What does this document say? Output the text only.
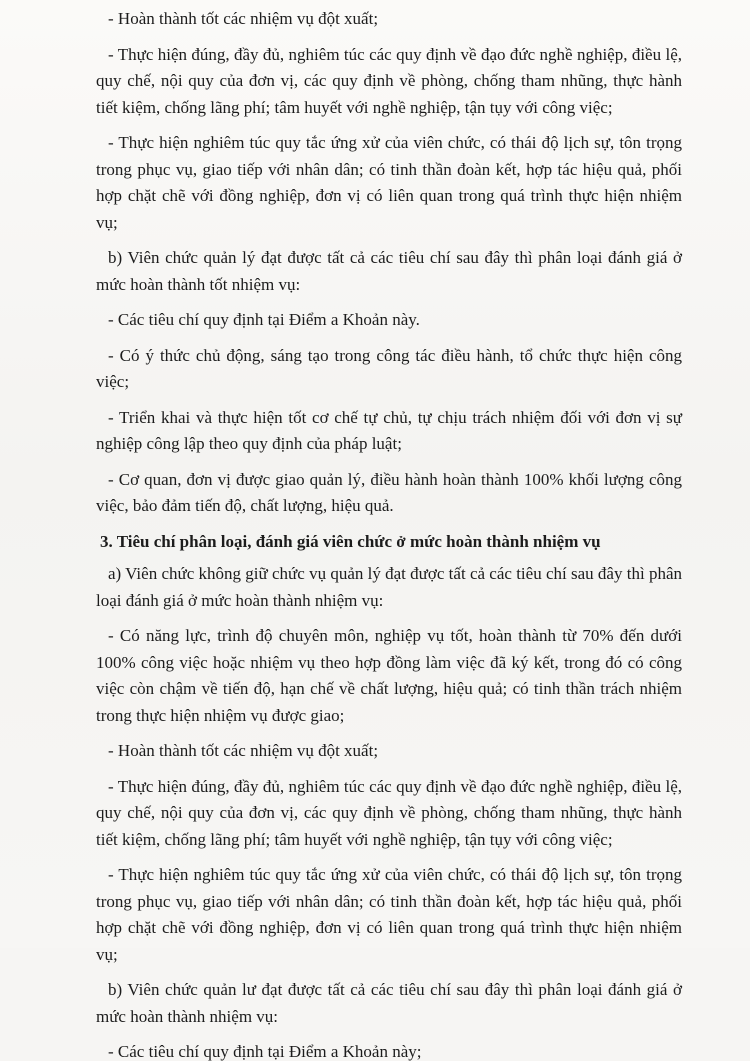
- Hoàn thành tốt các nhiệm vụ đột xuất;

- Thực hiện đúng, đầy đủ, nghiêm túc các quy định về đạo đức nghề nghiệp, điều lệ, quy chế, nội quy của đơn vị, các quy định về phòng, chống tham nhũng, thực hành tiết kiệm, chống lãng phí; tâm huyết với nghề nghiệp, tận tụy với công việc;

- Thực hiện nghiêm túc quy tắc ứng xử của viên chức, có thái độ lịch sự, tôn trọng trong phục vụ, giao tiếp với nhân dân; có tinh thần đoàn kết, hợp tác hiệu quả, phối hợp chặt chẽ với đồng nghiệp, đơn vị có liên quan trong quá trình thực hiện nhiệm vụ;

b) Viên chức quản lý đạt được tất cả các tiêu chí sau đây thì phân loại đánh giá ở mức hoàn thành tốt nhiệm vụ:

- Các tiêu chí quy định tại Điểm a Khoản này.

- Có ý thức chủ động, sáng tạo trong công tác điều hành, tổ chức thực hiện công việc;

- Triển khai và thực hiện tốt cơ chế tự chủ, tự chịu trách nhiệm đối với đơn vị sự nghiệp công lập theo quy định của pháp luật;

- Cơ quan, đơn vị được giao quản lý, điều hành hoàn thành 100% khối lượng công việc, bảo đảm tiến độ, chất lượng, hiệu quả.

3. Tiêu chí phân loại, đánh giá viên chức ở mức hoàn thành nhiệm vụ

a) Viên chức không giữ chức vụ quản lý đạt được tất cả các tiêu chí sau đây thì phân loại đánh giá ở mức hoàn thành nhiệm vụ:

- Có năng lực, trình độ chuyên môn, nghiệp vụ tốt, hoàn thành từ 70% đến dưới 100% công việc hoặc nhiệm vụ theo hợp đồng làm việc đã ký kết, trong đó có công việc còn chậm về tiến độ, hạn chế về chất lượng, hiệu quả; có tinh thần trách nhiệm trong thực hiện nhiệm vụ được giao;

- Hoàn thành tốt các nhiệm vụ đột xuất;

- Thực hiện đúng, đầy đủ, nghiêm túc các quy định về đạo đức nghề nghiệp, điều lệ, quy chế, nội quy của đơn vị, các quy định về phòng, chống tham nhũng, thực hành tiết kiệm, chống lãng phí; tâm huyết với nghề nghiệp, tận tụy với công việc;

- Thực hiện nghiêm túc quy tắc ứng xử của viên chức, có thái độ lịch sự, tôn trọng trong phục vụ, giao tiếp với nhân dân; có tinh thần đoàn kết, hợp tác hiệu quả, phối hợp chặt chẽ với đồng nghiệp, đơn vị có liên quan trong quá trình thực hiện nhiệm vụ;

b) Viên chức quản lư đạt được tất cả các tiêu chí sau đây thì phân loại đánh giá ở mức hoàn thành nhiệm vụ:

- Các tiêu chí quy định tại Điểm a Khoản này;
